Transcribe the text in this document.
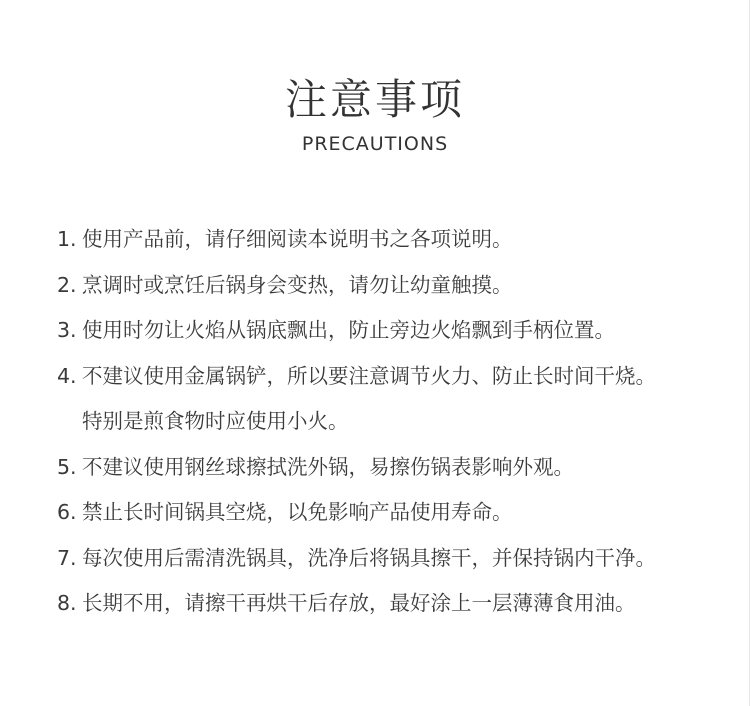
注意事项
PRECAUTIONS
1. 使用产品前，请仔细阅读本说明书之各项说明。
2. 烹调时或烹饪后锅身会变热，请勿让幼童触摸。
3. 使用时勿让火焰从锅底飘出，防止旁边火焰飘到手柄位置。
4. 不建议使用金属锅铲，所以要注意调节火力、防止长时间干烧。
特别是煎食物时应使用小火。
5. 不建议使用钢丝球擦拭洗外锅，易擦伤锅表影响外观。
6. 禁止长时间锅具空烧，以免影响产品使用寿命。
7. 每次使用后需清洗锅具，洗净后将锅具擦干，并保持锅内干净。
8. 长期不用，请擦干再烘干后存放，最好涂上一层薄薄食用油。
